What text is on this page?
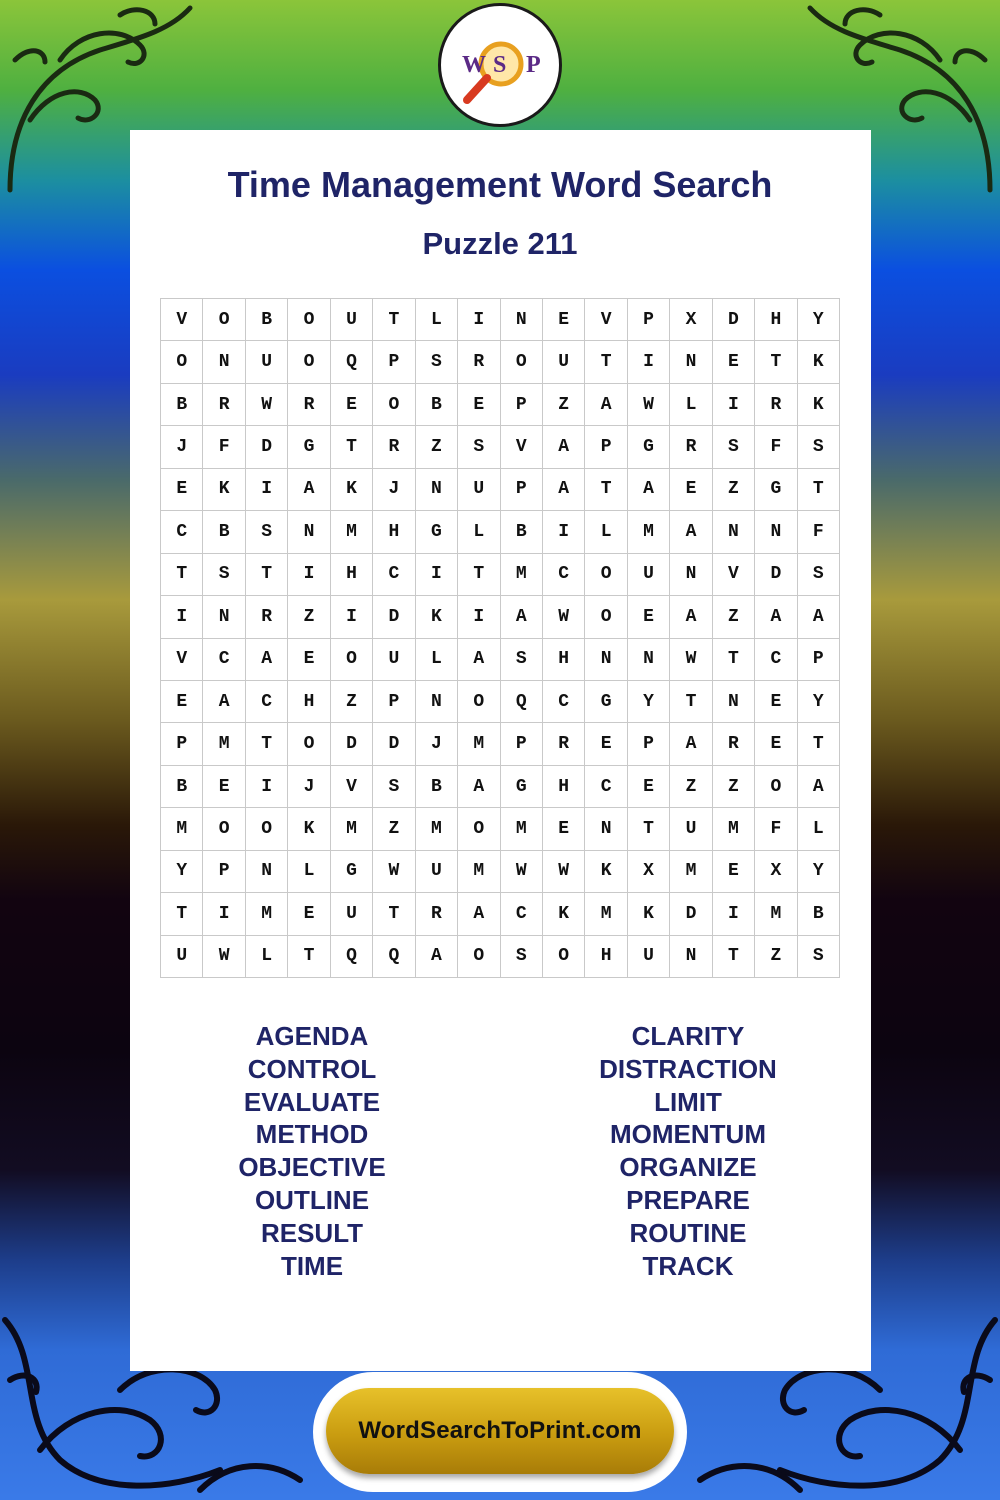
W S P
Time Management Word Search
Puzzle 211
V	O	B	O	U	T	L	I	N	E	V	P	X	D	H	Y
O	N	U	O	Q	P	S	R	O	U	T	I	N	E	T	K
B	R	W	R	E	O	B	E	P	Z	A	W	L	I	R	K
J	F	D	G	T	R	Z	S	V	A	P	G	R	S	F	S
E	K	I	A	K	J	N	U	P	A	T	A	E	Z	G	T
C	B	S	N	M	H	G	L	B	I	L	M	A	N	N	F
T	S	T	I	H	C	I	T	M	C	O	U	N	V	D	S
I	N	R	Z	I	D	K	I	A	W	O	E	A	Z	A	A
V	C	A	E	O	U	L	A	S	H	N	N	W	T	C	P
E	A	C	H	Z	P	N	O	Q	C	G	Y	T	N	E	Y
P	M	T	O	D	D	J	M	P	R	E	P	A	R	E	T
B	E	I	J	V	S	B	A	G	H	C	E	Z	Z	O	A
M	O	O	K	M	Z	M	O	M	E	N	T	U	M	F	L
Y	P	N	L	G	W	U	M	W	W	K	X	M	E	X	Y
T	I	M	E	U	T	R	A	C	K	M	K	D	I	M	B
U	W	L	T	Q	Q	A	O	S	O	H	U	N	T	Z	S
AGENDA
CONTROL
EVALUATE
METHOD
OBJECTIVE
OUTLINE
RESULT
TIME
CLARITY
DISTRACTION
LIMIT
MOMENTUM
ORGANIZE
PREPARE
ROUTINE
TRACK
WordSearchToPrint.com
